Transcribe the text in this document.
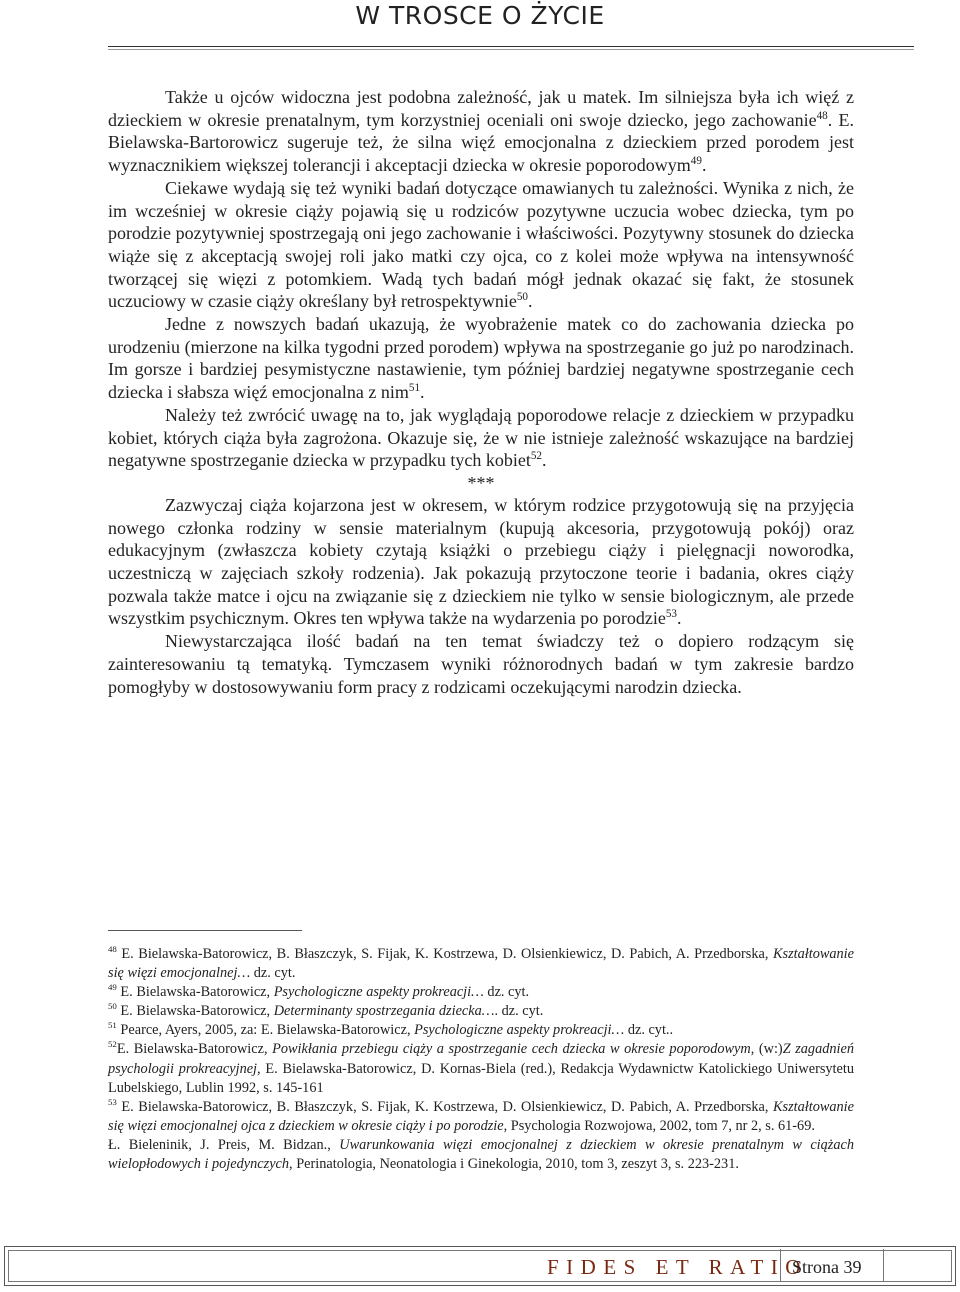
W TROSCE O ŻYCIE

Także u ojców widoczna jest podobna zależność, jak u matek. Im silniejsza była ich więź z dzieckiem w okresie prenatalnym, tym korzystniej oceniali oni swoje dziecko, jego zachowanie$^{48}$. E. Bielawska-Bartorowicz sugeruje też, że silna więź emocjonalna z dzieckiem przed porodem jest wyznacznikiem większej tolerancji i akceptacji dziecka w okresie poporodowym$^{49}$.

Ciekawe wydają się też wyniki badań dotyczące omawianych tu zależności. Wynika z nich, że im wcześniej w okresie ciąży pojawią się u rodziców pozytywne uczucia wobec dziecka, tym po porodzie pozytywniej spostrzegają oni jego zachowanie i właściwości. Pozytywny stosunek do dziecka wiąże się z akceptacją swojej roli jako matki czy ojca, co z kolei może wpływa na intensywność tworzącej się więzi z potomkiem. Wadą tych badań mógł jednak okazać się fakt, że stosunek uczuciowy w czasie ciąży określany był retrospektywnie$^{50}$.

Jedne z nowszych badań ukazują, że wyobrażenie matek co do zachowania dziecka po urodzeniu (mierzone na kilka tygodni przed porodem) wpływa na spostrzeganie go już po narodzinach. Im gorsze i bardziej pesymistyczne nastawienie, tym później bardziej negatywne spostrzeganie cech dziecka i słabsza więź emocjonalna z nim$^{51}$.

Należy też zwrócić uwagę na to, jak wyglądają poporodowe relacje z dzieckiem w przypadku kobiet, których ciąża była zagrożona. Okazuje się, że w nie istnieje zależność wskazujące na bardziej negatywne spostrzeganie dziecka w przypadku tych kobiet$^{52}$.

***

Zazwyczaj ciąża kojarzona jest w okresem, w którym rodzice przygotowują się na przyjęcia nowego członka rodziny w sensie materialnym (kupują akcesoria, przygotowują pokój) oraz edukacyjnym (zwłaszcza kobiety czytają książki o przebiegu ciąży i pielęgnacji noworodka, uczestniczą w zajęciach szkoły rodzenia). Jak pokazują przytoczone teorie i badania, okres ciąży pozwala także matce i ojcu na związanie się z dzieckiem nie tylko w sensie biologicznym, ale przede wszystkim psychicznym. Okres ten wpływa także na wydarzenia po porodzie$^{53}$.

Niewystarczająca ilość badań na ten temat świadczy też o dopiero rodzącym się zainteresowaniu tą tematyką. Tymczasem wyniki różnorodnych badań w tym zakresie bardzo pomogłyby w dostosowywaniu form pracy z rodzicami oczekującymi narodzin dziecka.

$^{48}$ E. Bielawska-Batorowicz, B. Błaszczyk, S. Fijak, K. Kostrzewa, D. Olsienkiewicz, D. Pabich, A. Przedborska, Kształtowanie się więzi emocjonalnej… dz. cyt.

$^{49}$ E. Bielawska-Batorowicz, Psychologiczne aspekty prokreacji… dz. cyt.

$^{50}$ E. Bielawska-Batorowicz, Determinanty spostrzegania dziecka…. dz. cyt.

$^{51}$ Pearce, Ayers, 2005, za: E. Bielawska-Batorowicz, Psychologiczne aspekty prokreacji… dz. cyt..

$^{52}$E. Bielawska-Batorowicz, Powikłania przebiegu ciąży a spostrzeganie cech dziecka w okresie poporodowym, (w:)Z zagadnień psychologii prokreacyjnej, E. Bielawska-Batorowicz, D. Kornas-Biela (red.), Redakcja Wydawnictw Katolickiego Uniwersytetu Lubelskiego, Lublin 1992, s. 145-161

$^{53}$ E. Bielawska-Batorowicz, B. Błaszczyk, S. Fijak, K. Kostrzewa, D. Olsienkiewicz, D. Pabich, A. Przedborska, Kształtowanie się więzi emocjonalnej ojca z dzieckiem w okresie ciąży i po porodzie, Psychologia Rozwojowa, 2002, tom 7, nr 2, s. 61-69.

Ł. Bieleninik, J. Preis, M. Bidzan., Uwarunkowania więzi emocjonalnej z dzieckiem w okresie prenatalnym w ciążach wielopłodowych i pojedynczych, Perinatologia, Neonatologia i Ginekologia, 2010, tom 3, zeszyt 3, s. 223-231.

FIDES ET RATIO
Strona 39
